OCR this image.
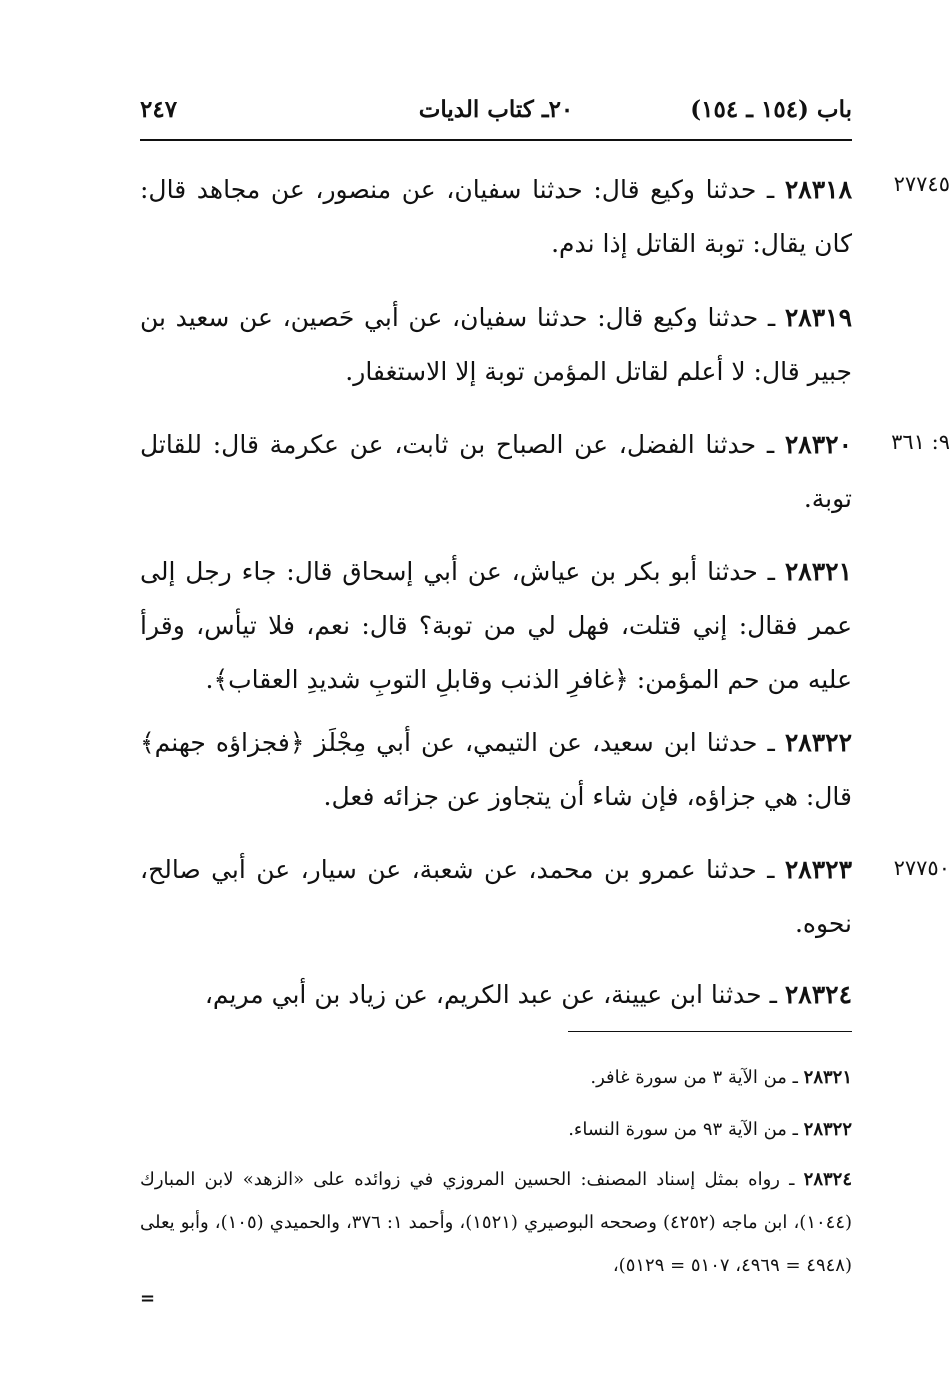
باب (١٥٤ ـ ١٥٤)
٢٠ـ كتاب الديات
٢٤٧
٢٧٧٤٥
٢٨٣١٨ ـ حدثنا وكيع قال: حدثنا سفيان، عن منصور، عن مجاهد قال: كان يقال: توبة القاتل إذا ندم.
٢٨٣١٩ ـ حدثنا وكيع قال: حدثنا سفيان، عن أبي حَصين، عن سعيد بن جبير قال: لا أعلم لقاتل المؤمن توبة إلا الاستغفار.
٩: ٣٦١
٢٨٣٢٠ ـ حدثنا الفضل، عن الصباح بن ثابت، عن عكرمة قال: للقاتل توبة.
٢٨٣٢١ ـ حدثنا أبو بكر بن عياش، عن أبي إسحاق قال: جاء رجل إلى عمر فقال: إني قتلت، فهل لي من توبة؟ قال: نعم، فلا تيأس، وقرأ عليه من حم المؤمن: ﴿غافرِ الذنب وقابلِ التوبِ شديدِ العقاب﴾.
٢٨٣٢٢ ـ حدثنا ابن سعيد، عن التيمي، عن أبي مِجْلَز ﴿فجزاؤه جهنم﴾ قال: هي جزاؤه، فإن شاء أن يتجاوز عن جزائه فعل.
٢٧٧٥٠
٢٨٣٢٣ ـ حدثنا عمرو بن محمد، عن شعبة، عن سيار، عن أبي صالح، نحوه.
٢٨٣٢٤ ـ حدثنا ابن عيينة، عن عبد الكريم، عن زياد بن أبي مريم،
٢٨٣٢١ ـ من الآية ٣ من سورة غافر.
٢٨٣٢٢ ـ من الآية ٩٣ من سورة النساء.
٢٨٣٢٤ ـ رواه بمثل إسناد المصنف: الحسين المروزي في زوائده على «الزهد» لابن المبارك (١٠٤٤)، ابن ماجه (٤٢٥٢) وصححه البوصيري (١٥٢١)، وأحمد ١: ٣٧٦، والحميدي (١٠٥)، وأبو يعلى (٤٩٤٨ = ٤٩٦٩، ٥١٠٧ = ٥١٢٩)،
=
